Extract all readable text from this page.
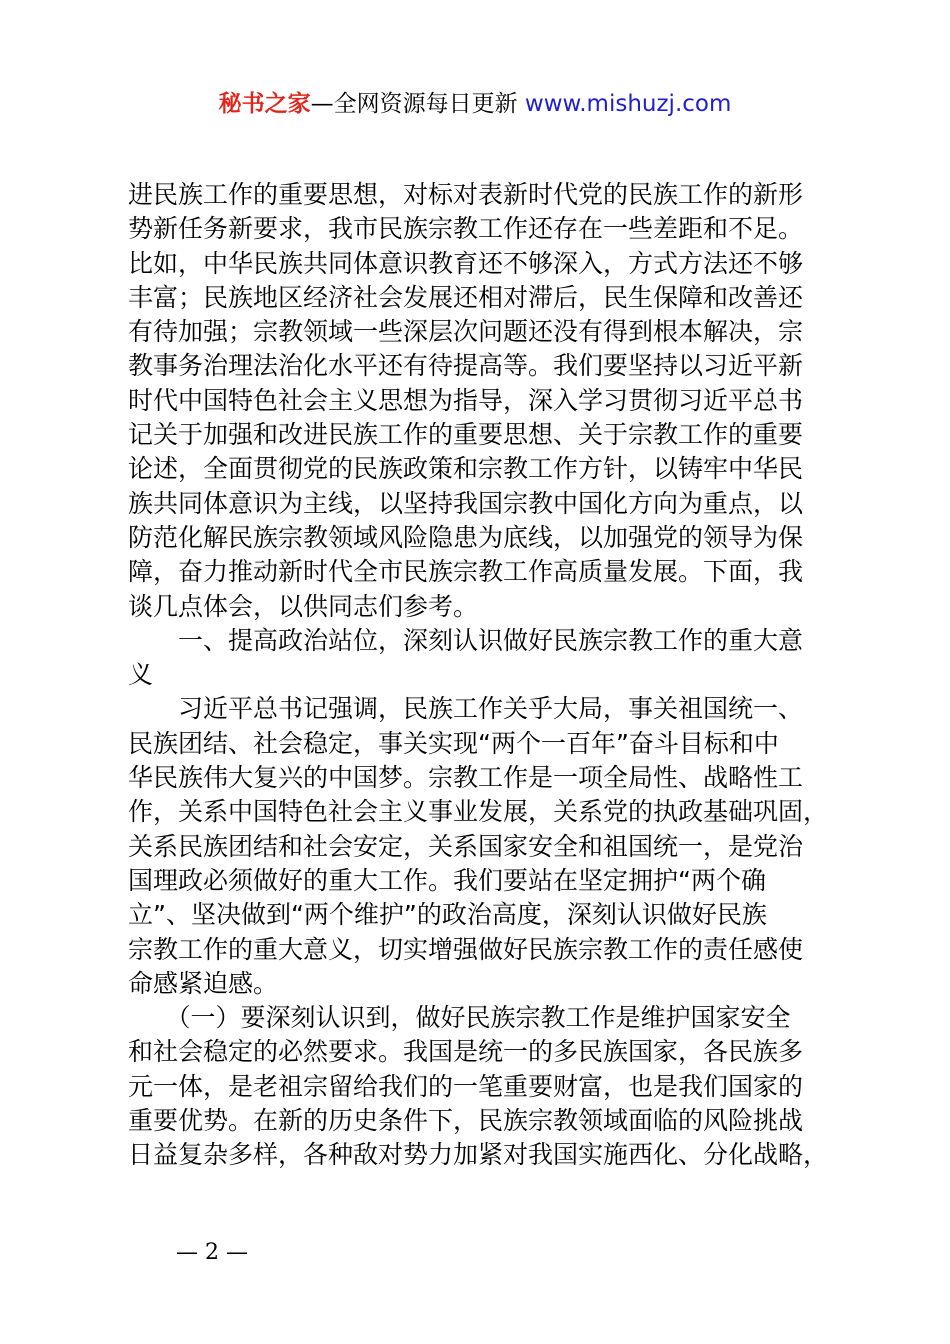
秘书之家—全网资源每日更新 www.mishuzj.com
进民族工作的重要思想，对标对表新时代党的民族工作的新形
势新任务新要求，我市民族宗教工作还存在一些差距和不足。
比如，中华民族共同体意识教育还不够深入，方式方法还不够
丰富；民族地区经济社会发展还相对滞后，民生保障和改善还
有待加强；宗教领域一些深层次问题还没有得到根本解决，宗
教事务治理法治化水平还有待提高等。我们要坚持以习近平新
时代中国特色社会主义思想为指导，深入学习贯彻习近平总书
记关于加强和改进民族工作的重要思想、关于宗教工作的重要
论述，全面贯彻党的民族政策和宗教工作方针，以铸牢中华民
族共同体意识为主线，以坚持我国宗教中国化方向为重点，以
防范化解民族宗教领域风险隐患为底线，以加强党的领导为保
障，奋力推动新时代全市民族宗教工作高质量发展。下面，我
谈几点体会，以供同志们参考。
　　一、提高政治站位，深刻认识做好民族宗教工作的重大意
义
　　习近平总书记强调，民族工作关乎大局，事关祖国统一、
民族团结、社会稳定，事关实现“两个一百年”奋斗目标和中
华民族伟大复兴的中国梦。宗教工作是一项全局性、战略性工
作，关系中国特色社会主义事业发展，关系党的执政基础巩固，
关系民族团结和社会安定，关系国家安全和祖国统一，是党治
国理政必须做好的重大工作。我们要站在坚定拥护“两个确
立”、坚决做到“两个维护”的政治高度，深刻认识做好民族
宗教工作的重大意义，切实增强做好民族宗教工作的责任感使
命感紧迫感。
　　（一）要深刻认识到，做好民族宗教工作是维护国家安全
和社会稳定的必然要求。我国是统一的多民族国家，各民族多
元一体，是老祖宗留给我们的一笔重要财富，也是我们国家的
重要优势。在新的历史条件下，民族宗教领域面临的风险挑战
日益复杂多样，各种敌对势力加紧对我国实施西化、分化战略，
— 2 —
